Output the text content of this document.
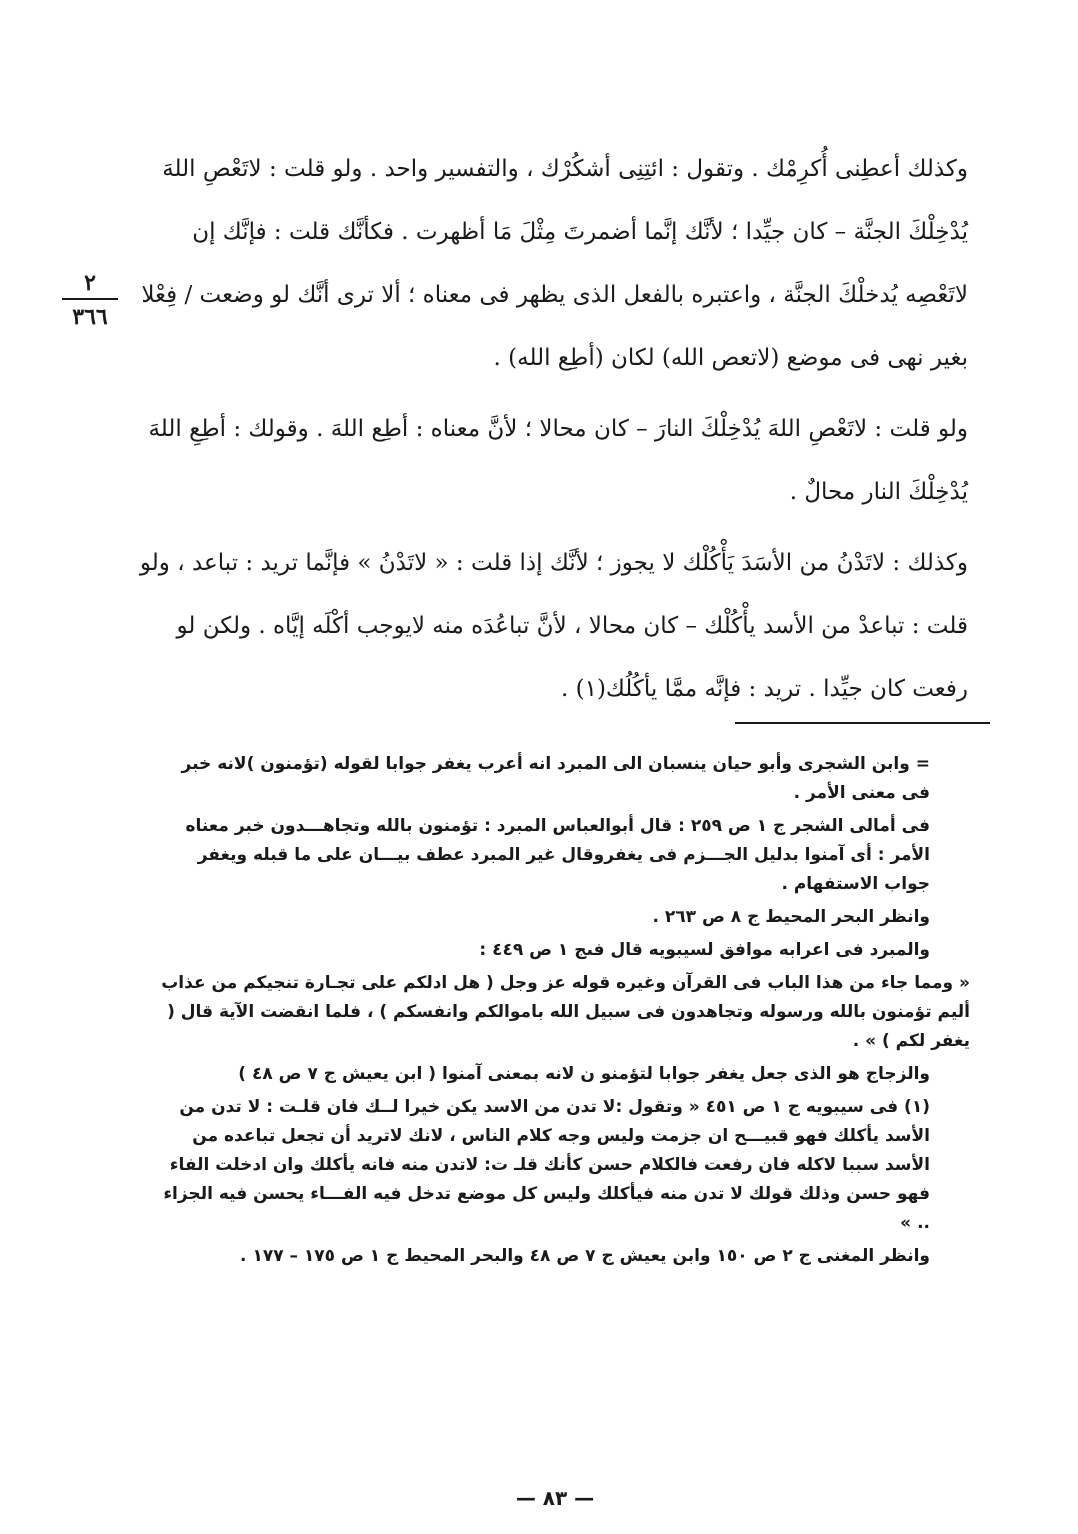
وكذلك أعطِنى أُكرِمْك . وتقول : ائتِنِى أشكُرْك ، والتفسير واحد . ولو قلت : لاتَعْصِ اللهَ يُدْخِلْكَ الجنَّة – كان جيِّدا ؛ لأنَّك إنَّما أضمرتَ مِثْلَ مَا أظهرت . فكأنَّك قلت : فإنَّك إن لاتَعْصِه يُدخلْكَ الجنَّة ، واعتبره بالفعل الذى يظهر فى معناه ؛ ألا ترى أنَّك لو وضعت / فِعْلا بغير نهى فى موضع (لاتعص الله) لكان (أطِع الله) .

ولو قلت : لاتَعْصِ اللهَ يُدْخِلْكَ النارَ – كان محالا ؛ لأنَّ معناه : أطِع اللهَ . وقولك : أطِعِ اللهَ يُدْخِلْكَ النار محالٌ .

وكذلك : لاتَدْنُ من الأسَدَ يَأْكُلْك لا يجوز ؛ لأنَّك إذا قلت : « لاتَدْنُ » فإنَّما تريد : تباعد ، ولو قلت : تباعدْ من الأسد يأْكُلْك – كان محالا ، لأنَّ تباعُدَه منه لايوجب أكْلَه إيَّاه . ولكن لو رفعت كان جيِّدا . تريد : فإنَّه ممَّا يأكُلُك(١) .

٢
٣٦٦

= وابن الشجرى وأبو حيان ينسبان الى المبرد انه أعرب يغفر جوابا لقوله (تؤمنون )لانه خبر فى معنى الأمر .

فى أمالى الشجر ج ١ ص ٢٥٩ : قال أبوالعباس المبرد : تؤمنون بالله وتجاهـــدون خبر معناه الأمر : أى آمنوا بدليل الجـــزم فى يغفروقال غير المبرد عطف بيـــان على ما قبله ويغفر جواب الاستفهام .

وانظر البحر المحيط ج ٨ ص ٢٦٣ .

والمبرد فى اعرابه موافق لسيبويه قال فىج ١ ص ٤٤٩ :

« ومما جاء من هذا الباب فى القرآن وغيره قوله عز وجل ( هل ادلكم على تجـارة تنجيكم من عذاب أليم تؤمنون بالله ورسوله وتجاهدون فى سبيل الله باموالكم وانفسكم ) ، فلما انقضت الآية قال ( يغفر لكم ) » .

والزجاج هو الذى جعل يغفر جوابا لتؤمنو ن لانه بمعنى آمنوا ( ابن يعيش ج ٧ ص ٤٨ )

(١) فى سيبويه ج ١ ص ٤٥١ « وتقول :لا تدن من الاسد يكن خيرا لــك فان قلـت : لا تدن من الأسد يأكلك فهو قبيـــح ان جزمت وليس وجه كلام الناس ، لانك لاتريد أن تجعل تباعده من الأسد سببا لاكله فان رفعت فالكلام حسن كأنك قلـ ت: لاتدن منه فانه يأكلك وان ادخلت الفاء فهو حسن وذلك قولك لا تدن منه فيأكلك وليس كل موضع تدخل فيه الفـــاء يحسن فيه الجزاء .. »

وانظر المغنى ج ٢ ص ١٥٠ وابن يعيش ج ٧ ص ٤٨ والبحر المحيط ج ١ ص ١٧٥ – ١٧٧ .

— ٨٣ —
